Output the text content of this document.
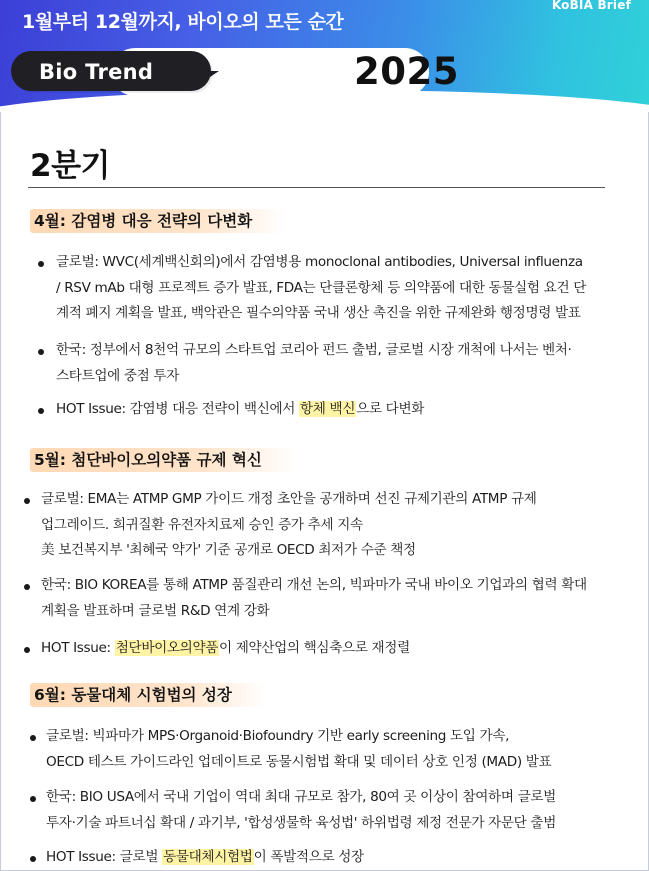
1월부터 12월까지, 바이오의 모든 순간
KoBIA Brief
2025
Bio Trend
2분기
4월: 감염병 대응 전략의 다변화
글로벌: WVC(세계백신회의)에서 감염병용 monoclonal antibodies, Universal influenza
/ RSV mAb 대형 프로젝트 증가 발표, FDA는 단클론항체 등 의약품에 대한 동물실험 요건 단
계적 폐지 계획을 발표, 백악관은 필수의약품 국내 생산 촉진을 위한 규제완화 행정명령 발표
한국: 정부에서 8천억 규모의 스타트업 코리아 펀드 출범, 글로벌 시장 개척에 나서는 벤처·
스타트업에 중점 투자
HOT Issue: 감염병 대응 전략이 백신에서 항체 백신으로 다변화
5월: 첨단바이오의약품 규제 혁신
글로벌: EMA는 ATMP GMP 가이드 개정 초안을 공개하며 선진 규제기관의 ATMP 규제
업그레이드. 희귀질환 유전자치료제 승인 증가 추세 지속
美 보건복지부 '최혜국 약가' 기준 공개로 OECD 최저가 수준 책정
한국: BIO KOREA를 통해 ATMP 품질관리 개선 논의, 빅파마가 국내 바이오 기업과의 협력 확대
계획을 발표하며 글로벌 R&D 연계 강화
HOT Issue: 첨단바이오의약품이 제약산업의 핵심축으로 재정렬
6월: 동물대체 시험법의 성장
글로벌: 빅파마가 MPS·Organoid·Biofoundry 기반 early screening 도입 가속,
OECD 테스트 가이드라인 업데이트로 동물시험법 확대 및 데이터 상호 인정 (MAD) 발표
한국: BIO USA에서 국내 기업이 역대 최대 규모로 참가, 80여 곳 이상이 참여하며 글로벌
투자·기술 파트너십 확대 / 과기부, '합성생물학 육성법' 하위법령 제정 전문가 자문단 출범
HOT Issue: 글로벌 동물대체시험법이 폭발적으로 성장
